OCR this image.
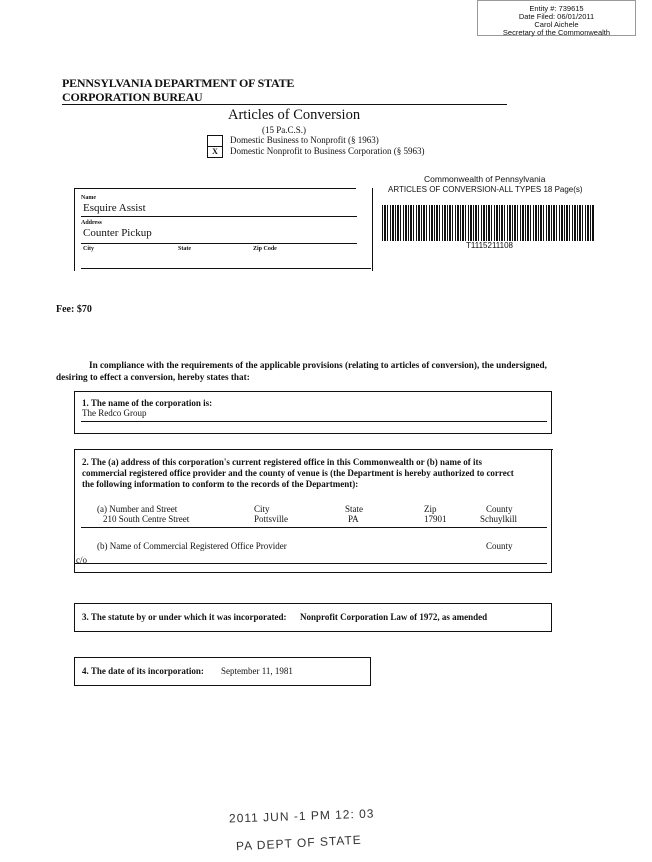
Entity #: 739615
Date Filed: 06/01/2011
Carol Aichele
Secretary of the Commonwealth
PENNSYLVANIA DEPARTMENT OF STATE
CORPORATION BUREAU
Articles of Conversion
(15 Pa.C.S.)
Domestic Business to Nonprofit (§ 1963)
X Domestic Nonprofit to Business Corporation (§ 5963)
Commonwealth of Pennsylvania
ARTICLES OF CONVERSION-ALL TYPES 18 Page(s)
T1115211108
Name
Esquire Assist
Address
Counter Pickup
City	State	Zip Code
Fee: $70
In compliance with the requirements of the applicable provisions (relating to articles of conversion), the undersigned, desiring to effect a conversion, hereby states that:
1. The name of the corporation is:
The Redco Group
2. The (a) address of this corporation's current registered office in this Commonwealth or (b) name of its commercial registered office provider and the county of venue is (the Department is hereby authorized to correct the following information to conform to the records of the Department):
(a) Number and Street	City	State	Zip	County
210 South Centre Street	Pottsville	PA	17901	Schuylkill
(b) Name of Commercial Registered Office Provider	County
c/o
3. The statute by or under which it was incorporated: Nonprofit Corporation Law of 1972, as amended
4. The date of its incorporation: September 11, 1981
2011 JUN -1 PM 12: 03
PA DEPT OF STATE
